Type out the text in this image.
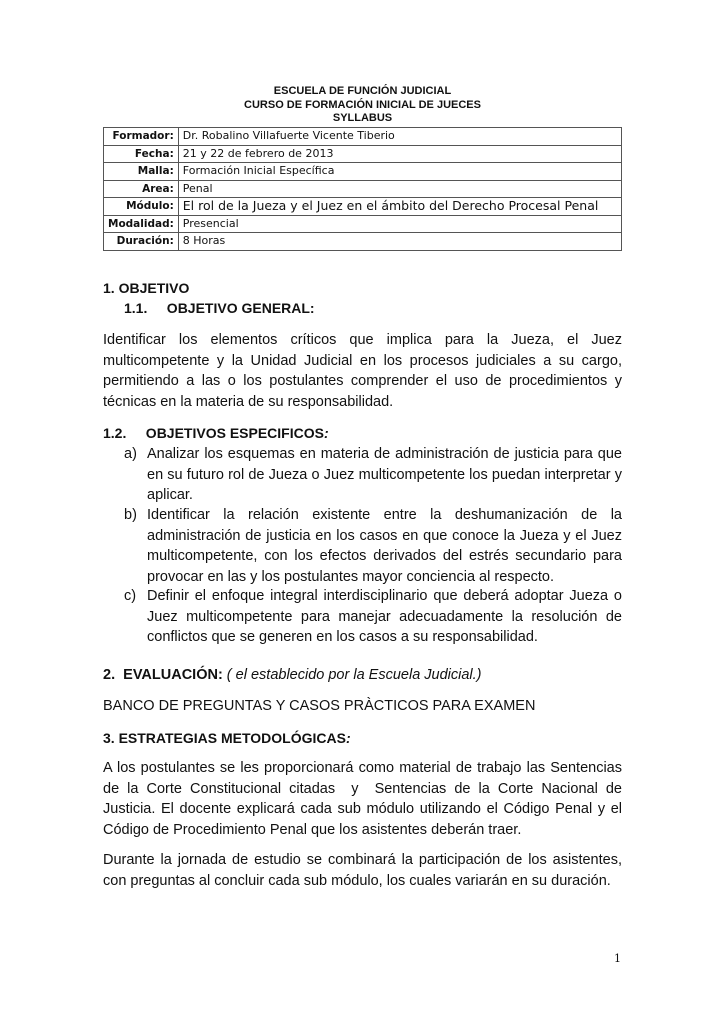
ESCUELA DE FUNCIÓN JUDICIAL
CURSO DE FORMACIÓN INICIAL DE JUECES
SYLLABUS
Formador:	Dr. Robalino Villafuerte Vicente Tiberio
Fecha:	21 y 22 de febrero de 2013
Malla:	Formación Inicial Específica
Area:	Penal
Módulo:	El rol de la Jueza y el Juez en el ámbito del Derecho Procesal Penal
Modalidad:	Presencial
Duración:	8 Horas
1. OBJETIVO
1.1.     OBJETIVO GENERAL:
Identificar los elementos críticos que implica para la Jueza, el Juez multicompetente y la Unidad Judicial en los procesos judiciales a su cargo, permitiendo a las o los postulantes comprender el uso de procedimientos y técnicas en la materia de su responsabilidad.
1.2.     OBJETIVOS ESPECIFICOS:
a) Analizar los esquemas en materia de administración de justicia para que en su futuro rol de Jueza o Juez multicompetente los puedan interpretar y aplicar.
b) Identificar la relación existente entre la deshumanización de la administración de justicia en los casos en que conoce la Jueza y el Juez multicompetente, con los efectos derivados del estrés secundario para provocar en las y los postulantes mayor conciencia al respecto.
c) Definir el enfoque integral interdisciplinario que deberá adoptar Jueza o Juez multicompetente para manejar adecuadamente la resolución de conflictos que se generen en los casos a su responsabilidad.
2.  EVALUACIÓN: ( el establecido por la Escuela Judicial.)
BANCO DE PREGUNTAS Y CASOS PRÀCTICOS PARA EXAMEN
3. ESTRATEGIAS METODOLÓGICAS:
A los postulantes se les proporcionará como material de trabajo las Sentencias de la Corte Constitucional citadas  y  Sentencias de la Corte Nacional de Justicia. El docente explicará cada sub módulo utilizando el Código Penal y el Código de Procedimiento Penal que los asistentes deberán traer.
Durante la jornada de estudio se combinará la participación de los asistentes, con preguntas al concluir cada sub módulo, los cuales variarán en su duración.
1
